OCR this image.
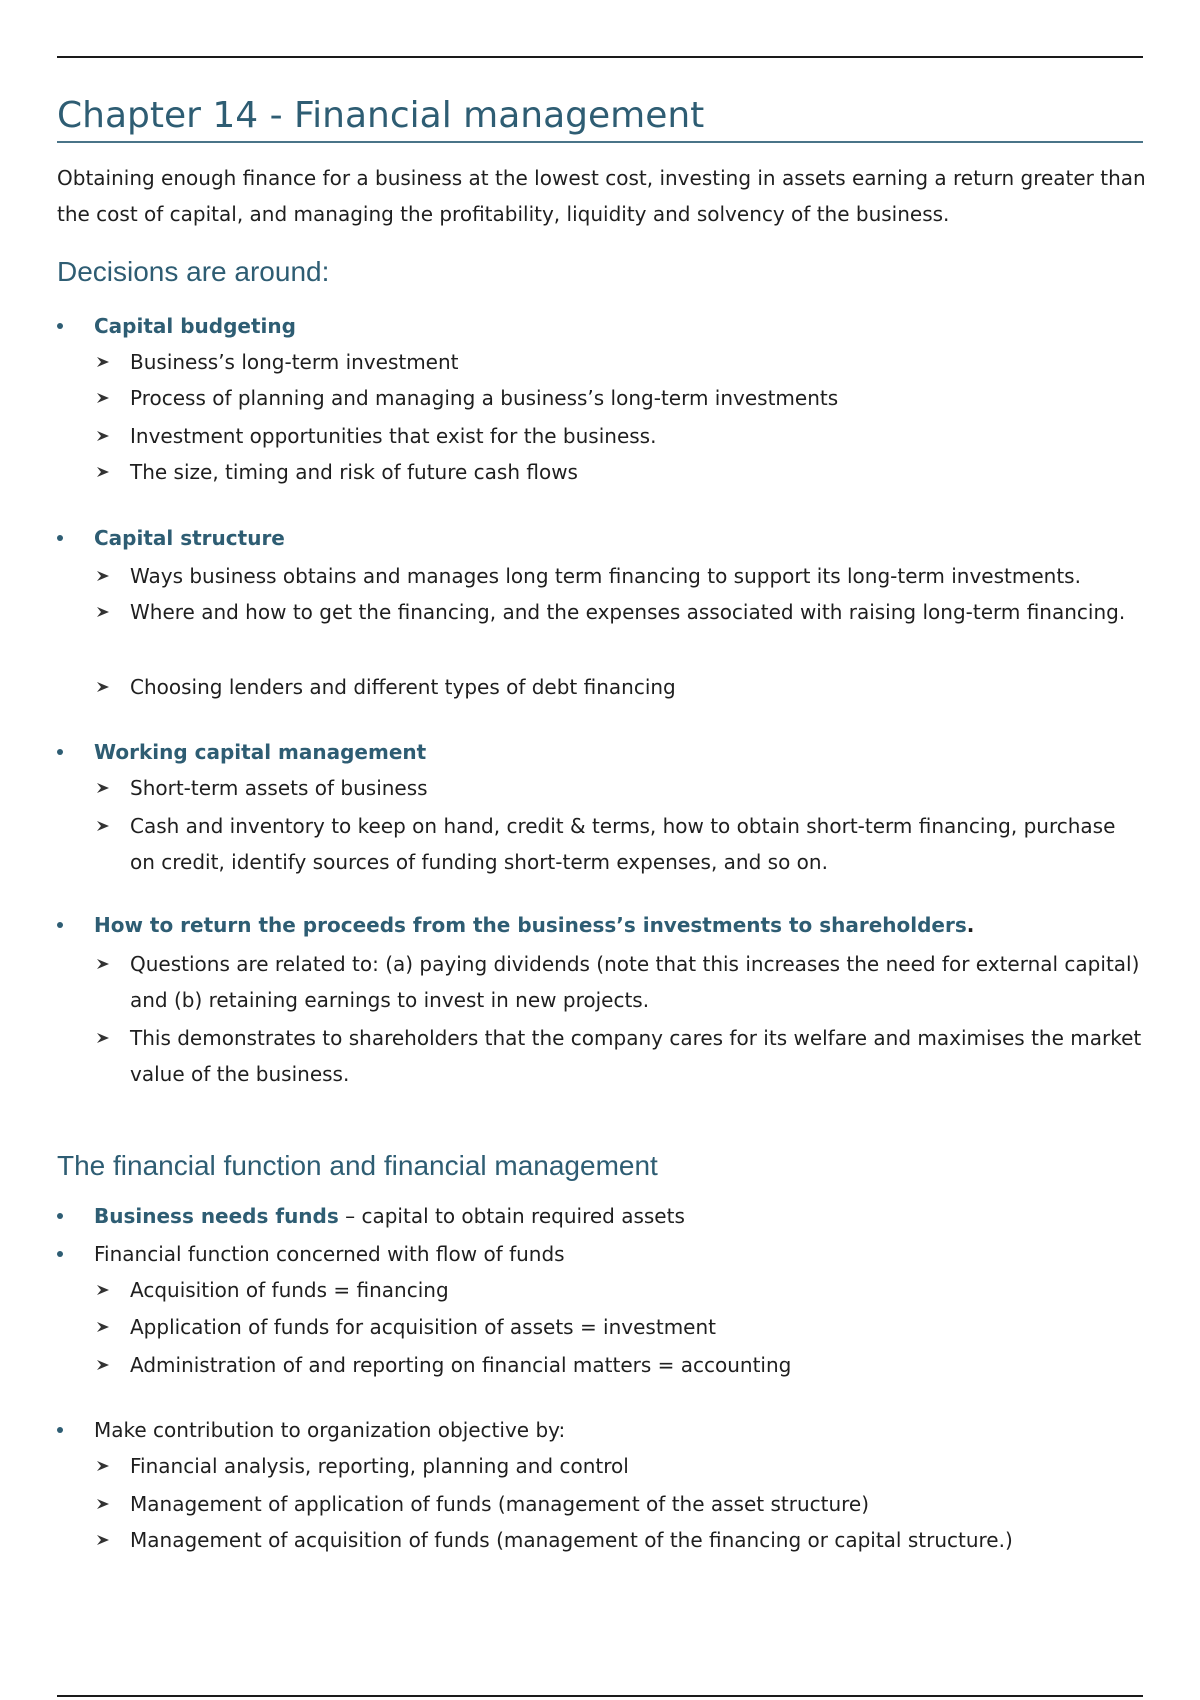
Chapter 14 - Financial management
Obtaining enough finance for a business at the lowest cost, investing in assets earning a return greater than the cost of capital, and managing the profitability, liquidity and solvency of the business.
Decisions are around:
Capital budgeting
Business’s long-term investment
Process of planning and managing a business’s long-term investments
Investment opportunities that exist for the business.
The size, timing and risk of future cash flows
Capital structure
Ways business obtains and manages long term financing to support its long-term investments.
Where and how to get the financing, and the expenses associated with raising long-term financing.
Choosing lenders and different types of debt financing
Working capital management
Short-term assets of business
Cash and inventory to keep on hand, credit & terms, how to obtain short-term financing, purchase on credit, identify sources of funding short-term expenses, and so on.
How to return the proceeds from the business’s investments to shareholders.
Questions are related to: (a) paying dividends (note that this increases the need for external capital) and (b) retaining earnings to invest in new projects.
This demonstrates to shareholders that the company cares for its welfare and maximises the market value of the business.
The financial function and financial management
Business needs funds – capital to obtain required assets
Financial function concerned with flow of funds
Acquisition of funds = financing
Application of funds for acquisition of assets = investment
Administration of and reporting on financial matters = accounting
Make contribution to organization objective by:
Financial analysis, reporting, planning and control
Management of application of funds (management of the asset structure)
Management of acquisition of funds (management of the financing or capital structure.)
